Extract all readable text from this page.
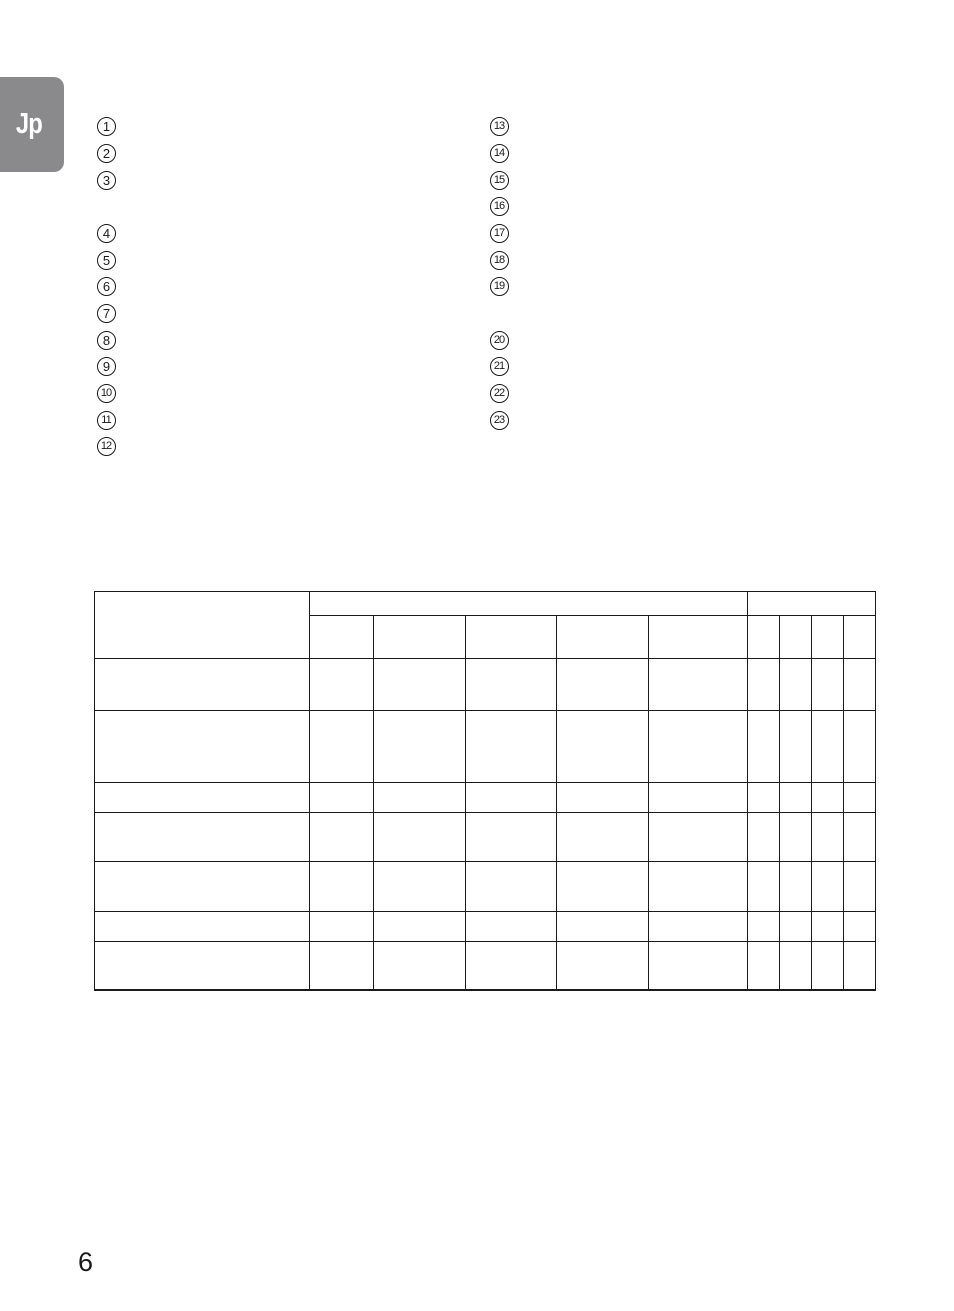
Jp	1
2
3
4
5
6
7
8
9
10
11
12
13
14
15
16
17
18
19
20
21
22
23

6
